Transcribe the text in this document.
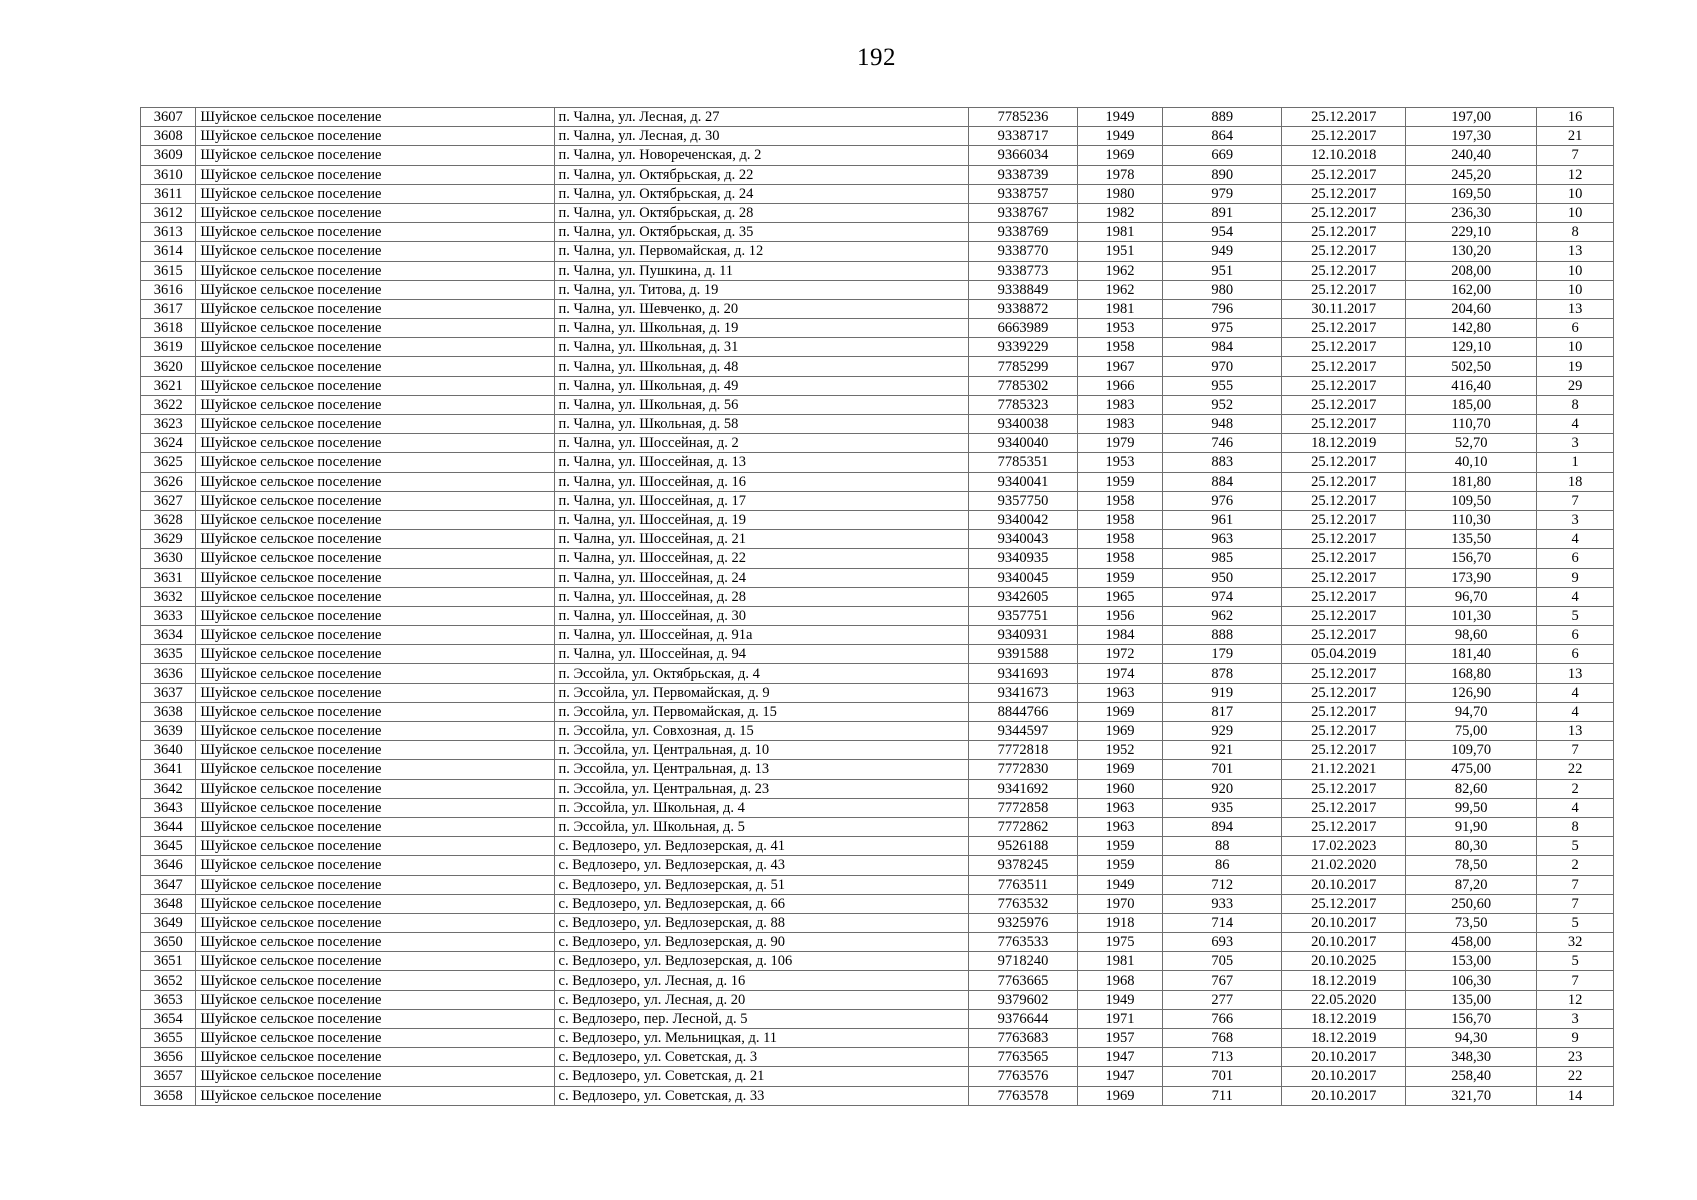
192
3607	Шуйское сельское поселение	п. Чална, ул. Лесная, д. 27	7785236	1949	889	25.12.2017	197,00	16
3608	Шуйское сельское поселение	п. Чална, ул. Лесная, д. 30	9338717	1949	864	25.12.2017	197,30	21
3609	Шуйское сельское поселение	п. Чална, ул. Новореченская, д. 2	9366034	1969	669	12.10.2018	240,40	7
3610	Шуйское сельское поселение	п. Чална, ул. Октябрьская, д. 22	9338739	1978	890	25.12.2017	245,20	12
3611	Шуйское сельское поселение	п. Чална, ул. Октябрьская, д. 24	9338757	1980	979	25.12.2017	169,50	10
3612	Шуйское сельское поселение	п. Чална, ул. Октябрьская, д. 28	9338767	1982	891	25.12.2017	236,30	10
3613	Шуйское сельское поселение	п. Чална, ул. Октябрьская, д. 35	9338769	1981	954	25.12.2017	229,10	8
3614	Шуйское сельское поселение	п. Чална, ул. Первомайская, д. 12	9338770	1951	949	25.12.2017	130,20	13
3615	Шуйское сельское поселение	п. Чална, ул. Пушкина, д. 11	9338773	1962	951	25.12.2017	208,00	10
3616	Шуйское сельское поселение	п. Чална, ул. Титова, д. 19	9338849	1962	980	25.12.2017	162,00	10
3617	Шуйское сельское поселение	п. Чална, ул. Шевченко, д. 20	9338872	1981	796	30.11.2017	204,60	13
3618	Шуйское сельское поселение	п. Чална, ул. Школьная, д. 19	6663989	1953	975	25.12.2017	142,80	6
3619	Шуйское сельское поселение	п. Чална, ул. Школьная, д. 31	9339229	1958	984	25.12.2017	129,10	10
3620	Шуйское сельское поселение	п. Чална, ул. Школьная, д. 48	7785299	1967	970	25.12.2017	502,50	19
3621	Шуйское сельское поселение	п. Чална, ул. Школьная, д. 49	7785302	1966	955	25.12.2017	416,40	29
3622	Шуйское сельское поселение	п. Чална, ул. Школьная, д. 56	7785323	1983	952	25.12.2017	185,00	8
3623	Шуйское сельское поселение	п. Чална, ул. Школьная, д. 58	9340038	1983	948	25.12.2017	110,70	4
3624	Шуйское сельское поселение	п. Чална, ул. Шоссейная, д. 2	9340040	1979	746	18.12.2019	52,70	3
3625	Шуйское сельское поселение	п. Чална, ул. Шоссейная, д. 13	7785351	1953	883	25.12.2017	40,10	1
3626	Шуйское сельское поселение	п. Чална, ул. Шоссейная, д. 16	9340041	1959	884	25.12.2017	181,80	18
3627	Шуйское сельское поселение	п. Чална, ул. Шоссейная, д. 17	9357750	1958	976	25.12.2017	109,50	7
3628	Шуйское сельское поселение	п. Чална, ул. Шоссейная, д. 19	9340042	1958	961	25.12.2017	110,30	3
3629	Шуйское сельское поселение	п. Чална, ул. Шоссейная, д. 21	9340043	1958	963	25.12.2017	135,50	4
3630	Шуйское сельское поселение	п. Чална, ул. Шоссейная, д. 22	9340935	1958	985	25.12.2017	156,70	6
3631	Шуйское сельское поселение	п. Чална, ул. Шоссейная, д. 24	9340045	1959	950	25.12.2017	173,90	9
3632	Шуйское сельское поселение	п. Чална, ул. Шоссейная, д. 28	9342605	1965	974	25.12.2017	96,70	4
3633	Шуйское сельское поселение	п. Чална, ул. Шоссейная, д. 30	9357751	1956	962	25.12.2017	101,30	5
3634	Шуйское сельское поселение	п. Чална, ул. Шоссейная, д. 91а	9340931	1984	888	25.12.2017	98,60	6
3635	Шуйское сельское поселение	п. Чална, ул. Шоссейная, д. 94	9391588	1972	179	05.04.2019	181,40	6
3636	Шуйское сельское поселение	п. Эссойла, ул. Октябрьская, д. 4	9341693	1974	878	25.12.2017	168,80	13
3637	Шуйское сельское поселение	п. Эссойла, ул. Первомайская, д. 9	9341673	1963	919	25.12.2017	126,90	4
3638	Шуйское сельское поселение	п. Эссойла, ул. Первомайская, д. 15	8844766	1969	817	25.12.2017	94,70	4
3639	Шуйское сельское поселение	п. Эссойла, ул. Совхозная, д. 15	9344597	1969	929	25.12.2017	75,00	13
3640	Шуйское сельское поселение	п. Эссойла, ул. Центральная, д. 10	7772818	1952	921	25.12.2017	109,70	7
3641	Шуйское сельское поселение	п. Эссойла, ул. Центральная, д. 13	7772830	1969	701	21.12.2021	475,00	22
3642	Шуйское сельское поселение	п. Эссойла, ул. Центральная, д. 23	9341692	1960	920	25.12.2017	82,60	2
3643	Шуйское сельское поселение	п. Эссойла, ул. Школьная, д. 4	7772858	1963	935	25.12.2017	99,50	4
3644	Шуйское сельское поселение	п. Эссойла, ул. Школьная, д. 5	7772862	1963	894	25.12.2017	91,90	8
3645	Шуйское сельское поселение	с. Ведлозеро, ул. Ведлозерская, д. 41	9526188	1959	88	17.02.2023	80,30	5
3646	Шуйское сельское поселение	с. Ведлозеро, ул. Ведлозерская, д. 43	9378245	1959	86	21.02.2020	78,50	2
3647	Шуйское сельское поселение	с. Ведлозеро, ул. Ведлозерская, д. 51	7763511	1949	712	20.10.2017	87,20	7
3648	Шуйское сельское поселение	с. Ведлозеро, ул. Ведлозерская, д. 66	7763532	1970	933	25.12.2017	250,60	7
3649	Шуйское сельское поселение	с. Ведлозеро, ул. Ведлозерская, д. 88	9325976	1918	714	20.10.2017	73,50	5
3650	Шуйское сельское поселение	с. Ведлозеро, ул. Ведлозерская, д. 90	7763533	1975	693	20.10.2017	458,00	32
3651	Шуйское сельское поселение	с. Ведлозеро, ул. Ведлозерская, д. 106	9718240	1981	705	20.10.2025	153,00	5
3652	Шуйское сельское поселение	с. Ведлозеро, ул. Лесная, д. 16	7763665	1968	767	18.12.2019	106,30	7
3653	Шуйское сельское поселение	с. Ведлозеро, ул. Лесная, д. 20	9379602	1949	277	22.05.2020	135,00	12
3654	Шуйское сельское поселение	с. Ведлозеро, пер. Лесной, д. 5	9376644	1971	766	18.12.2019	156,70	3
3655	Шуйское сельское поселение	с. Ведлозеро, ул. Мельницкая, д. 11	7763683	1957	768	18.12.2019	94,30	9
3656	Шуйское сельское поселение	с. Ведлозеро, ул. Советская, д. 3	7763565	1947	713	20.10.2017	348,30	23
3657	Шуйское сельское поселение	с. Ведлозеро, ул. Советская, д. 21	7763576	1947	701	20.10.2017	258,40	22
3658	Шуйское сельское поселение	с. Ведлозеро, ул. Советская, д. 33	7763578	1969	711	20.10.2017	321,70	14
